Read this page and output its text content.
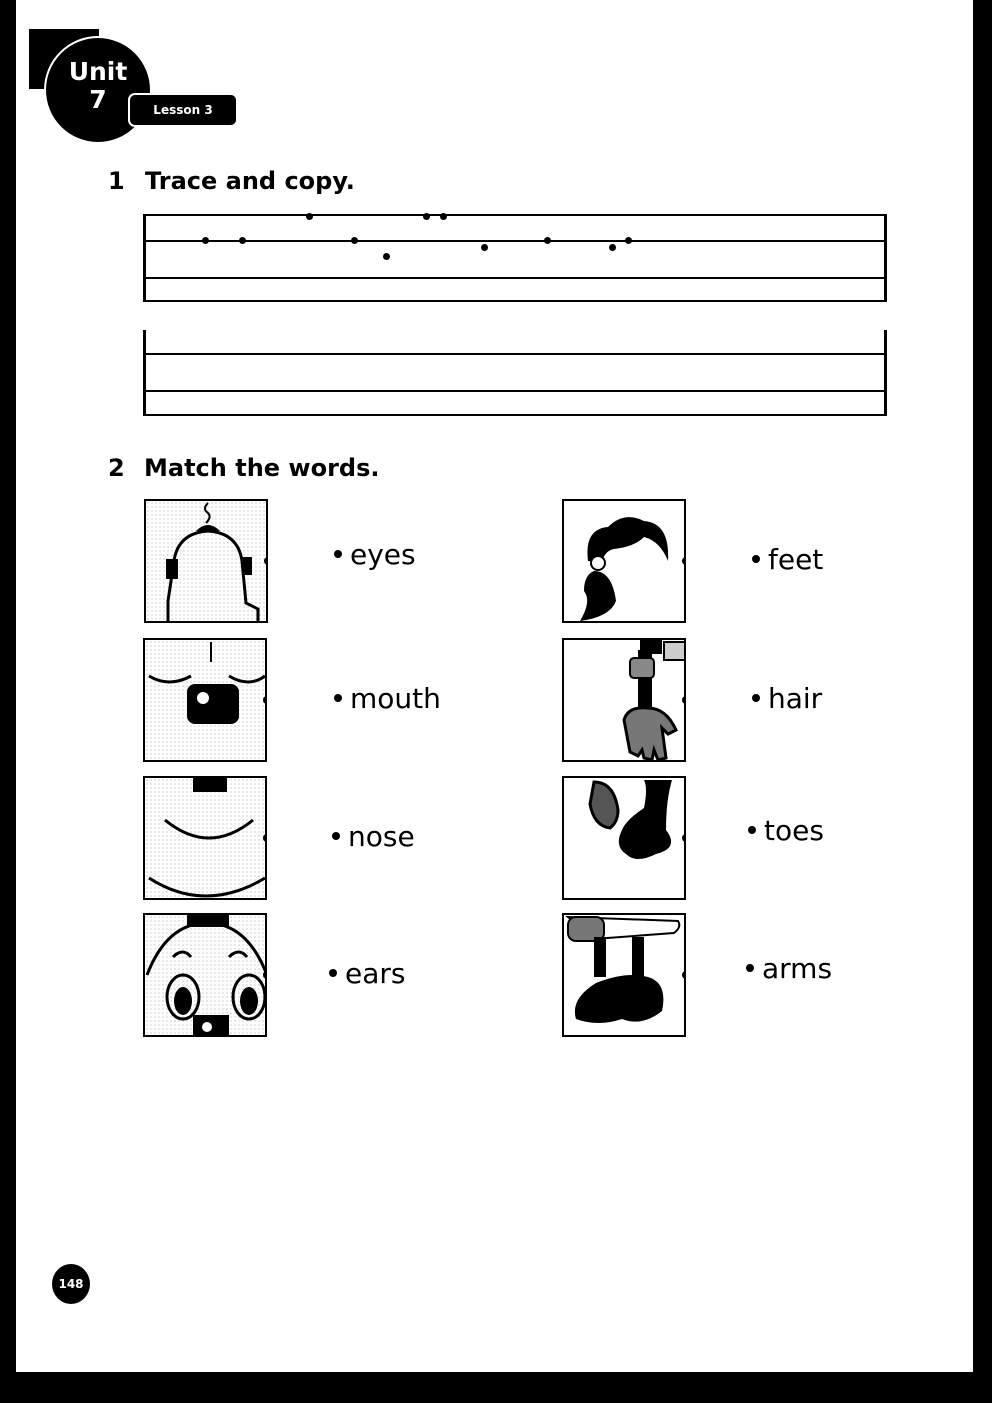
Unit
7	Lesson 3
1 Trace and copy.
2 Match the words.
eyes
mouth
nose
ears
feet
hair
toes
arms
148
